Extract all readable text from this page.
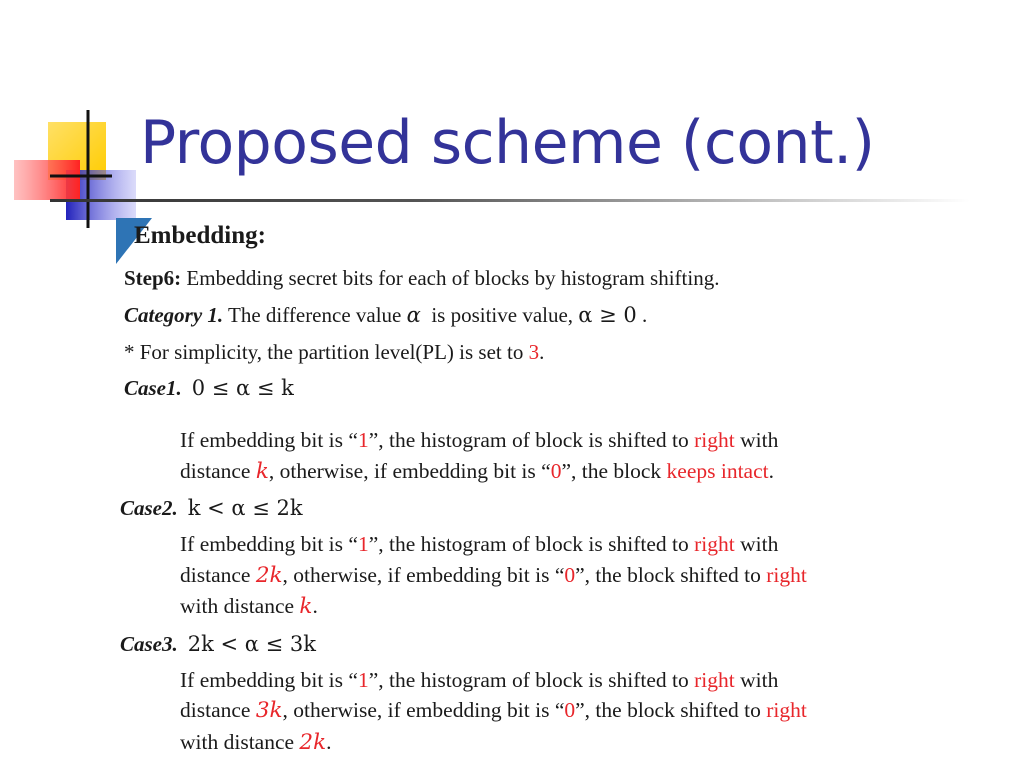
Proposed scheme (cont.)

Embedding:

Step6: Embedding secret bits for each of blocks by histogram shifting.

Category 1. The difference value α  is positive value, α ≥ 0 .

* For simplicity, the partition level(PL) is set to 3.

Case1. 0 ≤ α ≤ k

If embedding bit is “1”, the histogram of block is shifted to right with
distance k, otherwise, if embedding bit is “0”, the block keeps intact.

Case2. k < α ≤ 2k

If embedding bit is “1”, the histogram of block is shifted to right with
distance 2k, otherwise, if embedding bit is “0”, the block shifted to right
with distance k.

Case3. 2k < α ≤ 3k

If embedding bit is “1”, the histogram of block is shifted to right with
distance 3k, otherwise, if embedding bit is “0”, the block shifted to right
with distance 2k.
